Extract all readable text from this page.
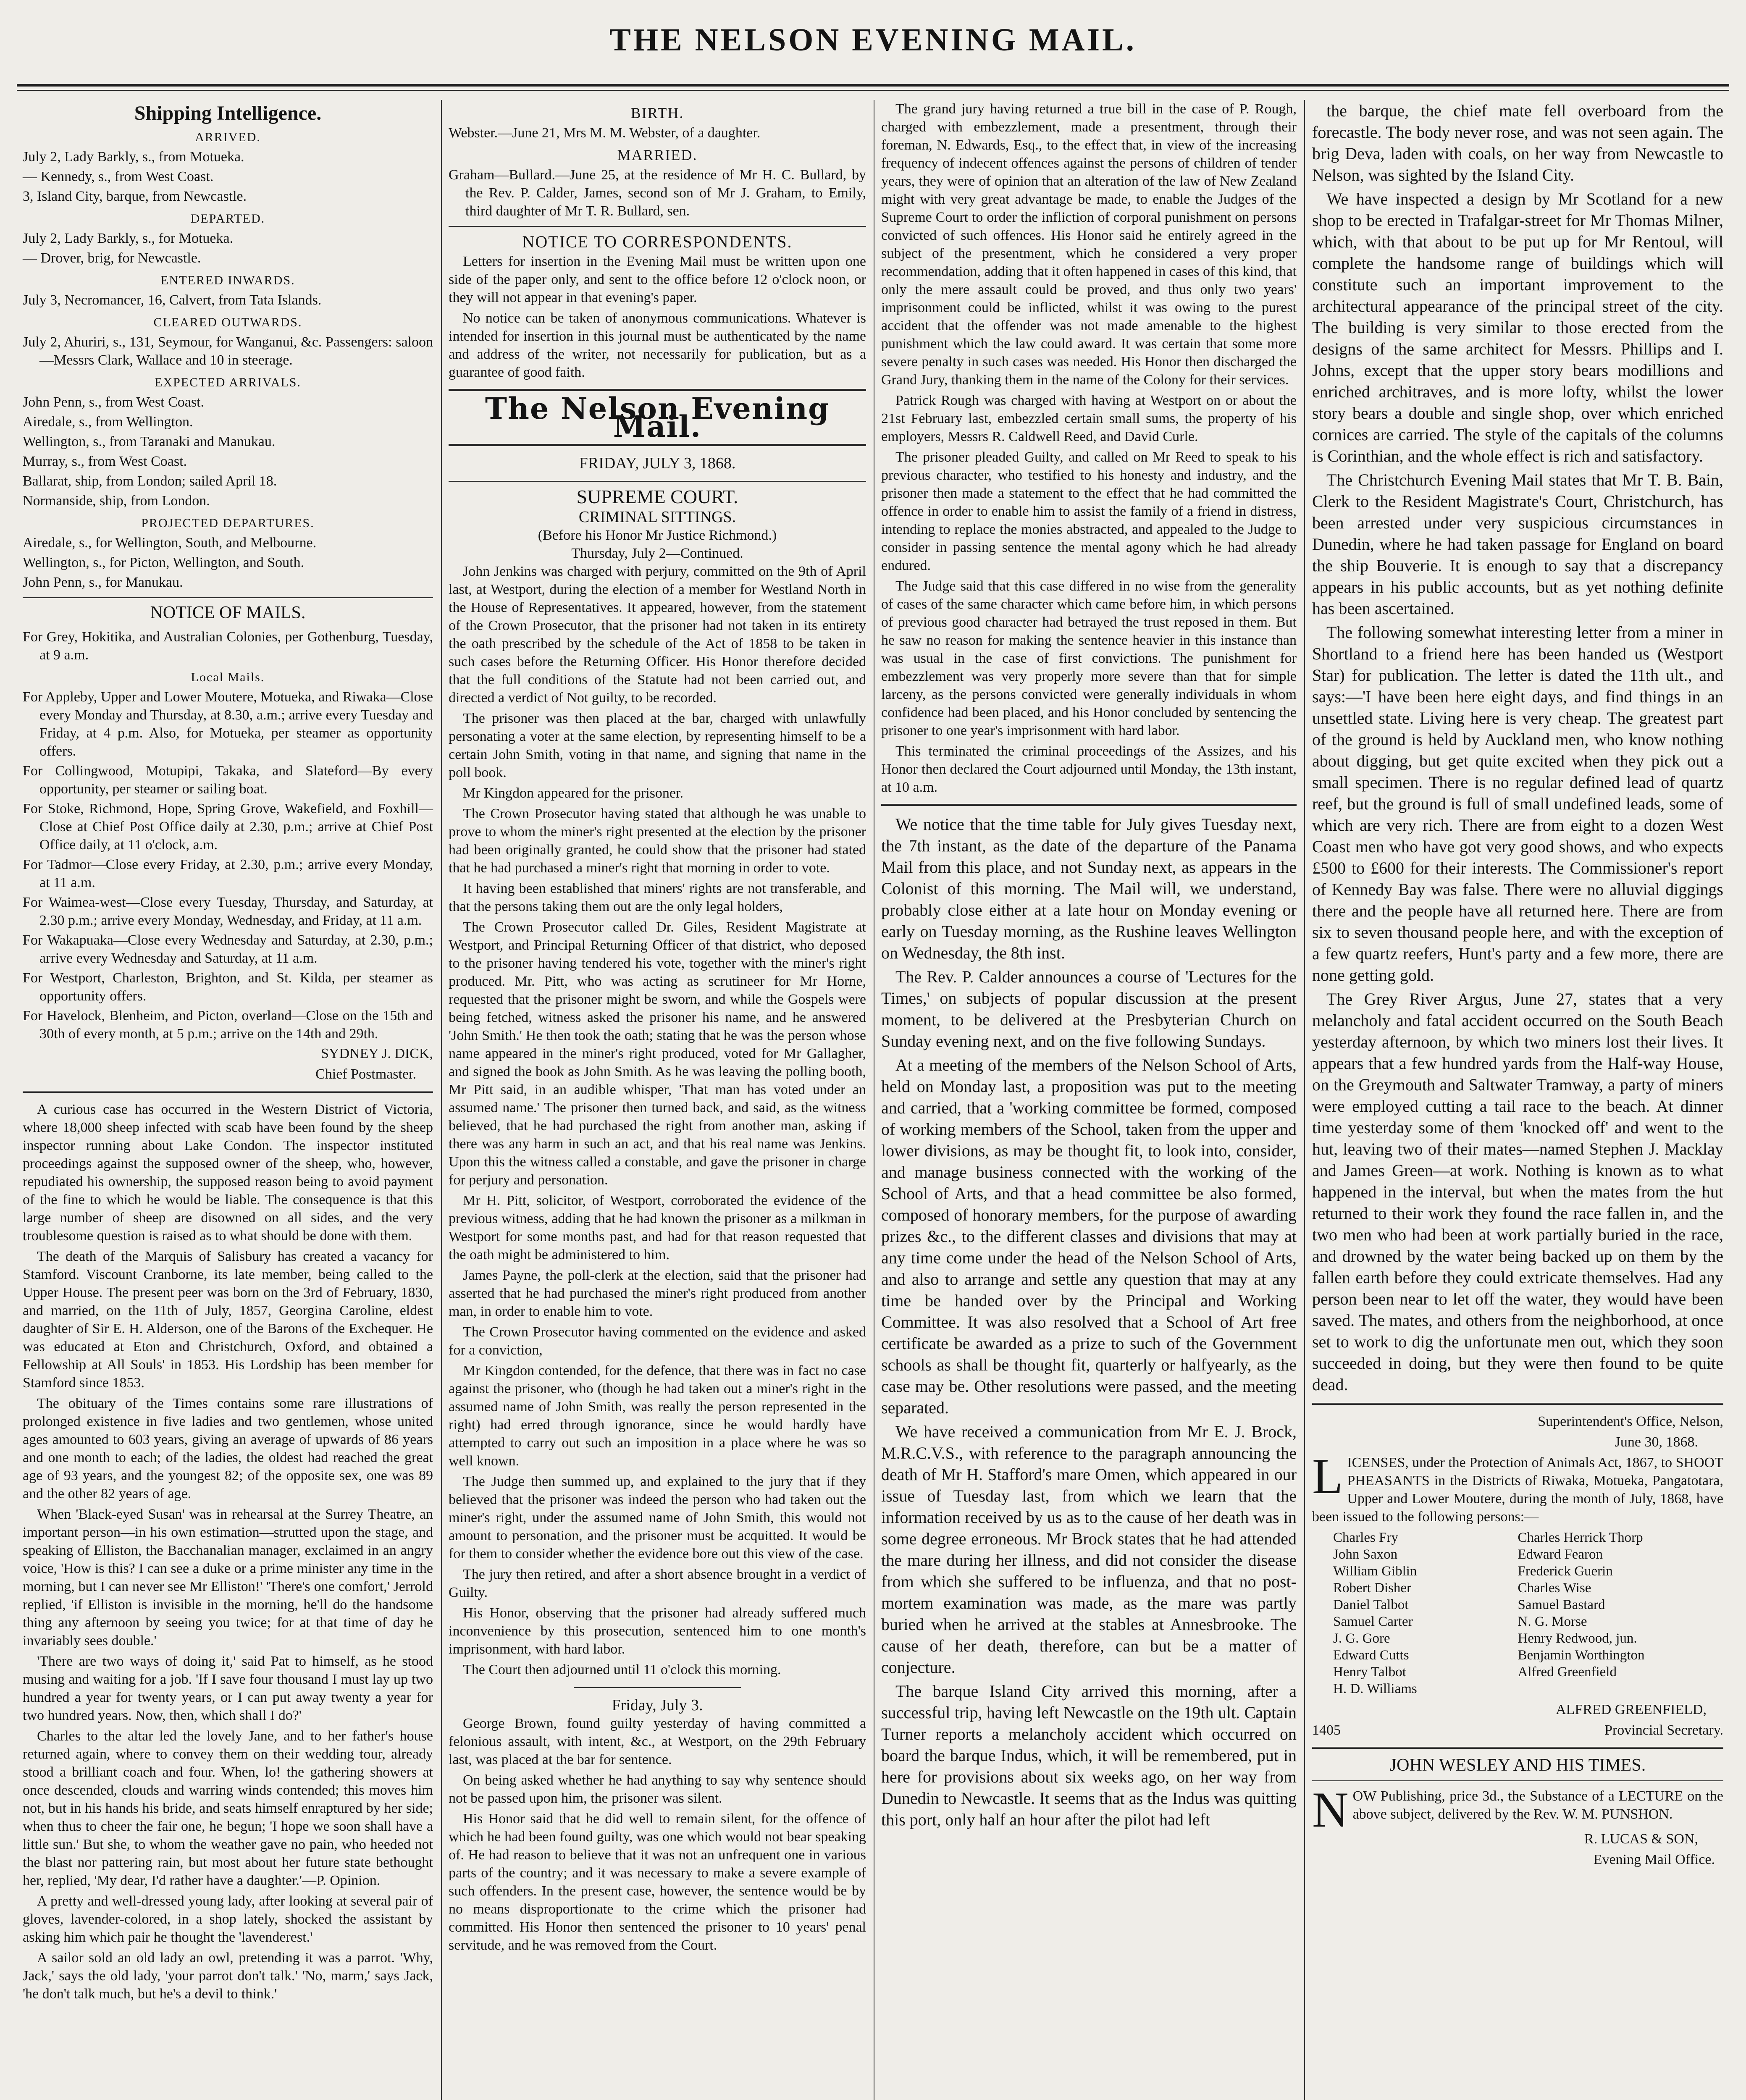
THE NELSON EVENING MAIL.
Shipping Intelligence.
ARRIVED.
July 2, Lady Barkly, s., from Motueka.
— Kennedy, s., from West Coast.
3, Island City, barque, from Newcastle.
DEPARTED.
July 2, Lady Barkly, s., for Motueka.
— Drover, brig, for Newcastle.
ENTERED INWARDS.
July 3, Necromancer, 16, Calvert, from Tata Islands.
CLEARED OUTWARDS.
July 2, Ahuriri, s., 131, Seymour, for Wanganui, &c. Passengers: saloon—Messrs Clark, Wallace and 10 in steerage.
EXPECTED ARRIVALS.
John Penn, s., from West Coast.
Airedale, s., from Wellington.
Wellington, s., from Taranaki and Manukau.
Murray, s., from West Coast.
Ballarat, ship, from London; sailed April 18.
Normanside, ship, from London.
PROJECTED DEPARTURES.
Airedale, s., for Wellington, South, and Melbourne.
Wellington, s., for Picton, Wellington, and South.
John Penn, s., for Manukau.
NOTICE OF MAILS.

For Grey, Hokitika, and Australian Colonies, per Gothenburg, Tuesday, at 9 a.m.

Local Mails.
For Appleby, Upper and Lower Moutere, Motueka, and Riwaka—Close every Monday and Thursday, at 8.30, a.m.; arrive every Tuesday and Friday, at 4 p.m. Also, for Motueka, per steamer as opportunity offers.
For Collingwood, Motupipi, Takaka, and Slateford—By every opportunity, per steamer or sailing boat.
For Stoke, Richmond, Hope, Spring Grove, Wakefield, and Foxhill—Close at Chief Post Office daily at 2.30, p.m.; arrive at Chief Post Office daily, at 11 o'clock, a.m.
For Tadmor—Close every Friday, at 2.30, p.m.; arrive every Monday, at 11 a.m.
For Waimea-west—Close every Tuesday, Thursday, and Saturday, at 2.30 p.m.; arrive every Monday, Wednesday, and Friday, at 11 a.m.
For Wakapuaka—Close every Wednesday and Saturday, at 2.30, p.m.; arrive every Wednesday and Saturday, at 11 a.m.
For Westport, Charleston, Brighton, and St. Kilda, per steamer as opportunity offers.
For Havelock, Blenheim, and Picton, overland—Close on the 15th and 30th of every month, at 5 p.m.; arrive on the 14th and 29th.

SYDNEY J. DICK,

Chief Postmaster.

A curious case has occurred in the Western District of Victoria, where 18,000 sheep infected with scab have been found by the sheep inspector running about Lake Condon. The inspector instituted proceedings against the supposed owner of the sheep, who, however, repudiated his ownership, the supposed reason being to avoid payment of the fine to which he would be liable. The consequence is that this large number of sheep are disowned on all sides, and the very troublesome question is raised as to what should be done with them.

The death of the Marquis of Salisbury has created a vacancy for Stamford. Viscount Cranborne, its late member, being called to the Upper House. The present peer was born on the 3rd of February, 1830, and married, on the 11th of July, 1857, Georgina Caroline, eldest daughter of Sir E. H. Alderson, one of the Barons of the Exchequer. He was educated at Eton and Christchurch, Oxford, and obtained a Fellowship at All Souls' in 1853. His Lordship has been member for Stamford since 1853.

The obituary of the Times contains some rare illustrations of prolonged existence in five ladies and two gentlemen, whose united ages amounted to 603 years, giving an average of upwards of 86 years and one month to each; of the ladies, the oldest had reached the great age of 93 years, and the youngest 82; of the opposite sex, one was 89 and the other 82 years of age.

When 'Black-eyed Susan' was in rehearsal at the Surrey Theatre, an important person—in his own estimation—strutted upon the stage, and speaking of Elliston, the Bacchanalian manager, exclaimed in an angry voice, 'How is this? I can see a duke or a prime minister any time in the morning, but I can never see Mr Elliston!' 'There's one comfort,' Jerrold replied, 'if Elliston is invisible in the morning, he'll do the handsome thing any afternoon by seeing you twice; for at that time of day he invariably sees double.'

'There are two ways of doing it,' said Pat to himself, as he stood musing and waiting for a job. 'If I save four thousand I must lay up two hundred a year for twenty years, or I can put away twenty a year for two hundred years. Now, then, which shall I do?'

Charles to the altar led the lovely Jane, and to her father's house returned again, where to convey them on their wedding tour, already stood a brilliant coach and four. When, lo! the gathering showers at once descended, clouds and warring winds contended; this moves him not, but in his hands his bride, and seats himself enraptured by her side; when thus to cheer the fair one, he begun; 'I hope we soon shall have a little sun.' But she, to whom the weather gave no pain, who heeded not the blast nor pattering rain, but most about her future state bethought her, replied, 'My dear, I'd rather have a daughter.'—P. Opinion.

A pretty and well-dressed young lady, after looking at several pair of gloves, lavender-colored, in a shop lately, shocked the assistant by asking him which pair he thought the 'lavenderest.'

A sailor sold an old lady an owl, pretending it was a parrot. 'Why, Jack,' says the old lady, 'your parrot don't talk.' 'No, marm,' says Jack, 'he don't talk much, but he's a devil to think.'

BIRTH.

Webster.—June 21, Mrs M. M. Webster, of a daughter.

MARRIED.

Graham—Bullard.—June 25, at the residence of Mr H. C. Bullard, by the Rev. P. Calder, James, second son of Mr J. Graham, to Emily, third daughter of Mr T. R. Bullard, sen.

NOTICE TO CORRESPONDENTS.

Letters for insertion in the Evening Mail must be written upon one side of the paper only, and sent to the office before 12 o'clock noon, or they will not appear in that evening's paper.

No notice can be taken of anonymous communications. Whatever is intended for insertion in this journal must be authenticated by the name and address of the writer, not necessarily for publication, but as a guarantee of good faith.

The Nelson Evening Mail.
FRIDAY, JULY 3, 1868.
SUPREME COURT.
CRIMINAL SITTINGS.
(Before his Honor Mr Justice Richmond.)
Thursday, July 2—Continued.

John Jenkins was charged with perjury, committed on the 9th of April last, at Westport, during the election of a member for Westland North in the House of Representatives. It appeared, however, from the statement of the Crown Prosecutor, that the prisoner had not taken in its entirety the oath prescribed by the schedule of the Act of 1858 to be taken in such cases before the Returning Officer. His Honor therefore decided that the full conditions of the Statute had not been carried out, and directed a verdict of Not guilty, to be recorded.

The prisoner was then placed at the bar, charged with unlawfully personating a voter at the same election, by representing himself to be a certain John Smith, voting in that name, and signing that name in the poll book.

Mr Kingdon appeared for the prisoner.

The Crown Prosecutor having stated that although he was unable to prove to whom the miner's right presented at the election by the prisoner had been originally granted, he could show that the prisoner had stated that he had purchased a miner's right that morning in order to vote.

It having been established that miners' rights are not transferable, and that the persons taking them out are the only legal holders,

The Crown Prosecutor called Dr. Giles, Resident Magistrate at Westport, and Principal Returning Officer of that district, who deposed to the prisoner having tendered his vote, together with the miner's right produced. Mr. Pitt, who was acting as scrutineer for Mr Horne, requested that the prisoner might be sworn, and while the Gospels were being fetched, witness asked the prisoner his name, and he answered 'John Smith.' He then took the oath; stating that he was the person whose name appeared in the miner's right produced, voted for Mr Gallagher, and signed the book as John Smith. As he was leaving the polling booth, Mr Pitt said, in an audible whisper, 'That man has voted under an assumed name.' The prisoner then turned back, and said, as the witness believed, that he had purchased the right from another man, asking if there was any harm in such an act, and that his real name was Jenkins. Upon this the witness called a constable, and gave the prisoner in charge for perjury and personation.

Mr H. Pitt, solicitor, of Westport, corroborated the evidence of the previous witness, adding that he had known the prisoner as a milkman in Westport for some months past, and had for that reason requested that the oath might be administered to him.

James Payne, the poll-clerk at the election, said that the prisoner had asserted that he had purchased the miner's right produced from another man, in order to enable him to vote.

The Crown Prosecutor having commented on the evidence and asked for a conviction,

Mr Kingdon contended, for the defence, that there was in fact no case against the prisoner, who (though he had taken out a miner's right in the assumed name of John Smith, was really the person represented in the right) had erred through ignorance, since he would hardly have attempted to carry out such an imposition in a place where he was so well known.

The Judge then summed up, and explained to the jury that if they believed that the prisoner was indeed the person who had taken out the miner's right, under the assumed name of John Smith, this would not amount to personation, and the prisoner must be acquitted. It would be for them to consider whether the evidence bore out this view of the case.

The jury then retired, and after a short absence brought in a verdict of Guilty.

His Honor, observing that the prisoner had already suffered much inconvenience by this prosecution, sentenced him to one month's imprisonment, with hard labor.

The Court then adjourned until 11 o'clock this morning.

Friday, July 3.

George Brown, found guilty yesterday of having committed a felonious assault, with intent, &c., at Westport, on the 29th February last, was placed at the bar for sentence.

On being asked whether he had anything to say why sentence should not be passed upon him, the prisoner was silent.

His Honor said that he did well to remain silent, for the offence of which he had been found guilty, was one which would not bear speaking of. He had reason to believe that it was not an unfrequent one in various parts of the country; and it was necessary to make a severe example of such offenders. In the present case, however, the sentence would be by no means disproportionate to the crime which the prisoner had committed. His Honor then sentenced the prisoner to 10 years' penal servitude, and he was removed from the Court.

The grand jury having returned a true bill in the case of P. Rough, charged with embezzlement, made a presentment, through their foreman, N. Edwards, Esq., to the effect that, in view of the increasing frequency of indecent offences against the persons of children of tender years, they were of opinion that an alteration of the law of New Zealand might with very great advantage be made, to enable the Judges of the Supreme Court to order the infliction of corporal punishment on persons convicted of such offences. His Honor said he entirely agreed in the subject of the presentment, which he considered a very proper recommendation, adding that it often happened in cases of this kind, that only the mere assault could be proved, and thus only two years' imprisonment could be inflicted, whilst it was owing to the purest accident that the offender was not made amenable to the highest punishment which the law could award. It was certain that some more severe penalty in such cases was needed. His Honor then discharged the Grand Jury, thanking them in the name of the Colony for their services.

Patrick Rough was charged with having at Westport on or about the 21st February last, embezzled certain small sums, the property of his employers, Messrs R. Caldwell Reed, and David Curle.

The prisoner pleaded Guilty, and called on Mr Reed to speak to his previous character, who testified to his honesty and industry, and the prisoner then made a statement to the effect that he had committed the offence in order to enable him to assist the family of a friend in distress, intending to replace the monies abstracted, and appealed to the Judge to consider in passing sentence the mental agony which he had already endured.

The Judge said that this case differed in no wise from the generality of cases of the same character which came before him, in which persons of previous good character had betrayed the trust reposed in them. But he saw no reason for making the sentence heavier in this instance than was usual in the case of first convictions. The punishment for embezzlement was very properly more severe than that for simple larceny, as the persons convicted were generally individuals in whom confidence had been placed, and his Honor concluded by sentencing the prisoner to one year's imprisonment with hard labor.

This terminated the criminal proceedings of the Assizes, and his Honor then declared the Court adjourned until Monday, the 13th instant, at 10 a.m.

We notice that the time table for July gives Tuesday next, the 7th instant, as the date of the departure of the Panama Mail from this place, and not Sunday next, as appears in the Colonist of this morning. The Mail will, we understand, probably close either at a late hour on Monday evening or early on Tuesday morning, as the Rushine leaves Wellington on Wednesday, the 8th inst.

The Rev. P. Calder announces a course of 'Lectures for the Times,' on subjects of popular discussion at the present moment, to be delivered at the Presbyterian Church on Sunday evening next, and on the five following Sundays.

At a meeting of the members of the Nelson School of Arts, held on Monday last, a proposition was put to the meeting and carried, that a 'working committee be formed, composed of working members of the School, taken from the upper and lower divisions, as may be thought fit, to look into, consider, and manage business connected with the working of the School of Arts, and that a head committee be also formed, composed of honorary members, for the purpose of awarding prizes &c., to the different classes and divisions that may at any time come under the head of the Nelson School of Arts, and also to arrange and settle any question that may at any time be handed over by the Principal and Working Committee. It was also resolved that a School of Art free certificate be awarded as a prize to such of the Government schools as shall be thought fit, quarterly or halfyearly, as the case may be. Other resolutions were passed, and the meeting separated.

We have received a communication from Mr E. J. Brock, M.R.C.V.S., with reference to the paragraph announcing the death of Mr H. Stafford's mare Omen, which appeared in our issue of Tuesday last, from which we learn that the information received by us as to the cause of her death was in some degree erroneous. Mr Brock states that he had attended the mare during her illness, and did not consider the disease from which she suffered to be influenza, and that no post-mortem examination was made, as the mare was partly buried when he arrived at the stables at Annesbrooke. The cause of her death, therefore, can but be a matter of conjecture.

The barque Island City arrived this morning, after a successful trip, having left Newcastle on the 19th ult. Captain Turner reports a melancholy accident which occurred on board the barque Indus, which, it will be remembered, put in here for provisions about six weeks ago, on her way from Dunedin to Newcastle. It seems that as the Indus was quitting this port, only half an hour after the pilot had left

the barque, the chief mate fell overboard from the forecastle. The body never rose, and was not seen again. The brig Deva, laden with coals, on her way from Newcastle to Nelson, was sighted by the Island City.

We have inspected a design by Mr Scotland for a new shop to be erected in Trafalgar-street for Mr Thomas Milner, which, with that about to be put up for Mr Rentoul, will complete the handsome range of buildings which will constitute such an important improvement to the architectural appearance of the principal street of the city. The building is very similar to those erected from the designs of the same architect for Messrs. Phillips and I. Johns, except that the upper story bears modillions and enriched architraves, and is more lofty, whilst the lower story bears a double and single shop, over which enriched cornices are carried. The style of the capitals of the columns is Corinthian, and the whole effect is rich and satisfactory.

The Christchurch Evening Mail states that Mr T. B. Bain, Clerk to the Resident Magistrate's Court, Christchurch, has been arrested under very suspicious circumstances in Dunedin, where he had taken passage for England on board the ship Bouverie. It is enough to say that a discrepancy appears in his public accounts, but as yet nothing definite has been ascertained.

The following somewhat interesting letter from a miner in Shortland to a friend here has been handed us (Westport Star) for publication. The letter is dated the 11th ult., and says:—'I have been here eight days, and find things in an unsettled state. Living here is very cheap. The greatest part of the ground is held by Auckland men, who know nothing about digging, but get quite excited when they pick out a small specimen. There is no regular defined lead of quartz reef, but the ground is full of small undefined leads, some of which are very rich. There are from eight to a dozen West Coast men who have got very good shows, and who expects £500 to £600 for their interests. The Commissioner's report of Kennedy Bay was false. There were no alluvial diggings there and the people have all returned here. There are from six to seven thousand people here, and with the exception of a few quartz reefers, Hunt's party and a few more, there are none getting gold.

The Grey River Argus, June 27, states that a very melancholy and fatal accident occurred on the South Beach yesterday afternoon, by which two miners lost their lives. It appears that a few hundred yards from the Half-way House, on the Greymouth and Saltwater Tramway, a party of miners were employed cutting a tail race to the beach. At dinner time yesterday some of them 'knocked off' and went to the hut, leaving two of their mates—named Stephen J. Macklay and James Green—at work. Nothing is known as to what happened in the interval, but when the mates from the hut returned to their work they found the race fallen in, and the two men who had been at work partially buried in the race, and drowned by the water being backed up on them by the fallen earth before they could extricate themselves. Had any person been near to let off the water, they would have been saved. The mates, and others from the neighborhood, at once set to work to dig the unfortunate men out, which they soon succeeded in doing, but they were then found to be quite dead.

Superintendent's Office, Nelson,

June 30, 1868.

LICENSES, under the Protection of Animals Act, 1867, to SHOOT PHEASANTS in the Districts of Riwaka, Motueka, Pangatotara, Upper and Lower Moutere, during the month of July, 1868, have been issued to the following persons:—

Charles Fry	Charles Herrick Thorp
John Saxon	Edward Fearon
William Giblin	Frederick Guerin
Robert Disher	Charles Wise
Daniel Talbot	Samuel Bastard
Samuel Carter	N. G. Morse
J. G. Gore	Henry Redwood, jun.
Edward Cutts	Benjamin Worthington
Henry Talbot	Alfred Greenfield
H. D. Williams

ALFRED GREENFIELD,

1405	Provincial Secretary.
JOHN WESLEY AND HIS TIMES.

NOW Publishing, price 3d., the Substance of a LECTURE on the above subject, delivered by the Rev. W. M. PUNSHON.

R. LUCAS & SON,

Evening Mail Office.
